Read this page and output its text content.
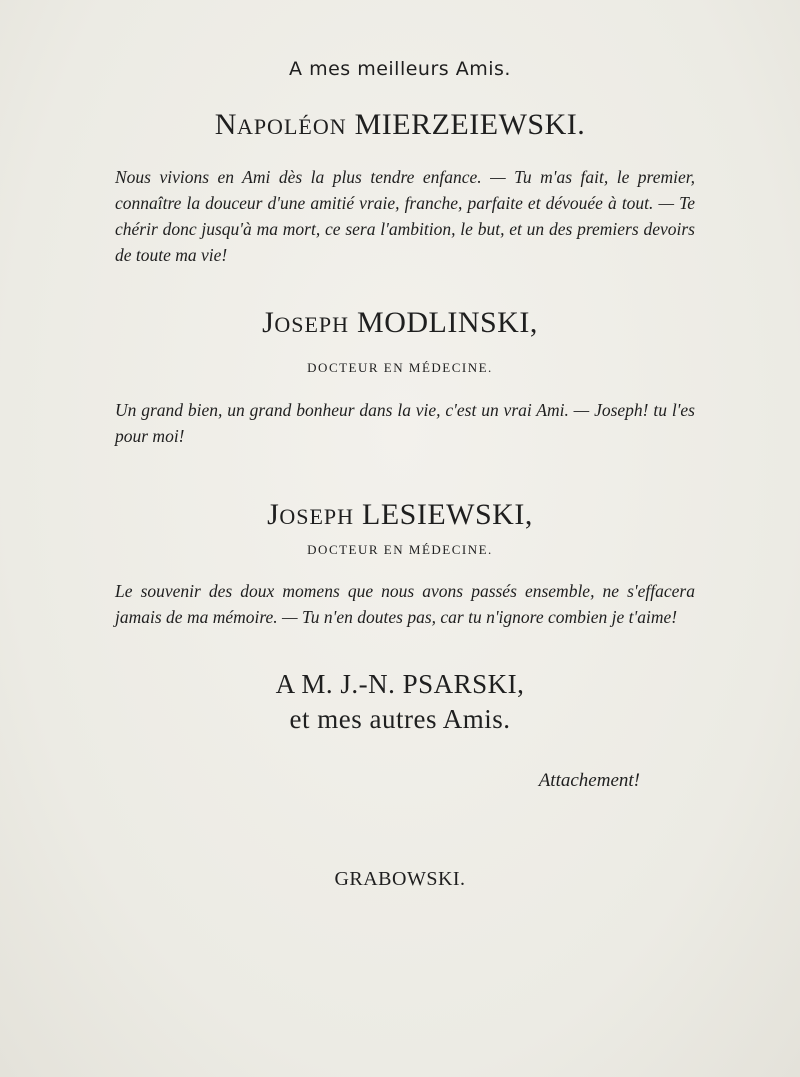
A mes meilleurs Amis.
NAPOLÉON MIERZEIEWSKI.
Nous vivions en Ami dès la plus tendre enfance. — Tu m'as fait, le premier, connaître la douceur d'une amitié vraie, franche, parfaite et dévouée à tout. — Te chérir donc jusqu'à ma mort, ce sera l'ambition, le but, et un des premiers devoirs de toute ma vie!
JOSEPH MODLINSKI,
DOCTEUR EN MÉDECINE.
Un grand bien, un grand bonheur dans la vie, c'est un vrai Ami. — Joseph! tu l'es pour moi!
JOSEPH LESIEWSKI,
DOCTEUR EN MÉDECINE.
Le souvenir des doux momens que nous avons passés ensemble, ne s'effacera jamais de ma mémoire. — Tu n'en doutes pas, car tu n'ignore combien je t'aime!
A M. J.-N. PSARSKI,
et mes autres Amis.
Attachement!
GRABOWSKI.
